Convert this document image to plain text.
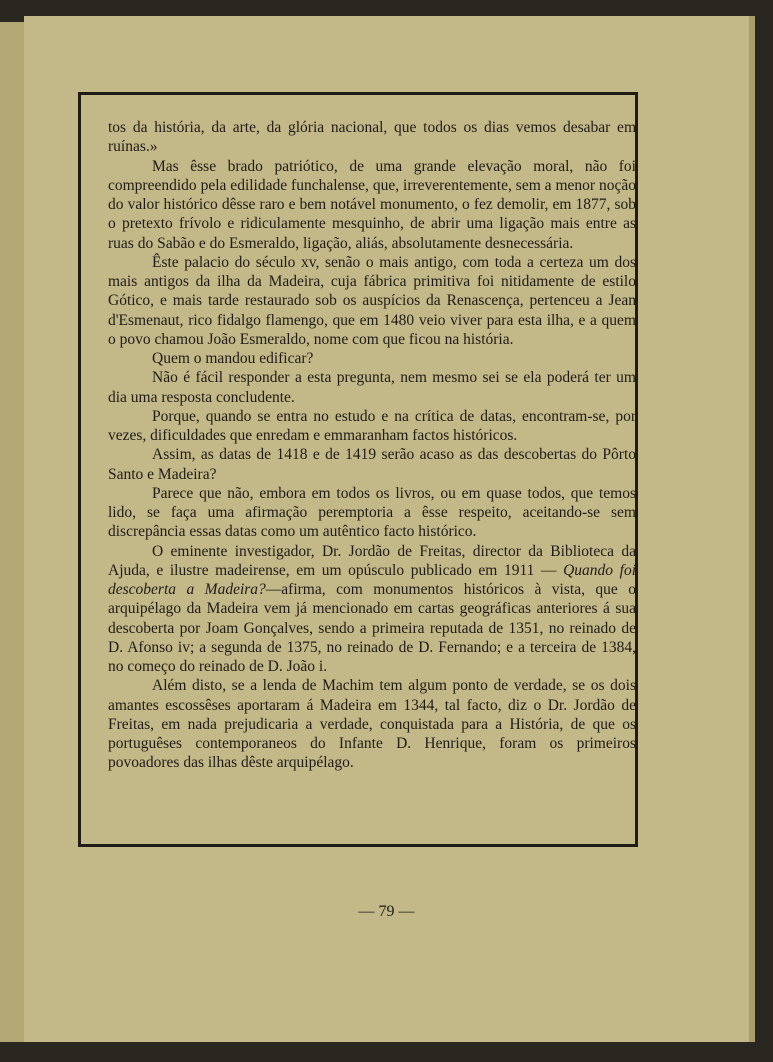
tos da história, da arte, da glória nacional, que todos os dias vemos desabar em ruínas.»

Mas êsse brado patriótico, de uma grande elevação moral, não foi compreendido pela edilidade funchalense, que, irreverentemente, sem a menor noção do valor histórico dêsse raro e bem notável monumento, o fez demolir, em 1877, sob o pretexto frívolo e ridiculamente mesquinho, de abrir uma ligação mais entre as ruas do Sabão e do Esmeraldo, ligação, aliás, absolutamente desnecessária.

Êste palacio do século xv, senão o mais antigo, com toda a certeza um dos mais antigos da ilha da Madeira, cuja fábrica primitiva foi nitidamente de estilo Gótico, e mais tarde restaurado sob os auspícios da Renascença, pertenceu a Jean d'Esmenaut, rico fidalgo flamengo, que em 1480 veio viver para esta ilha, e a quem o povo chamou João Esmeraldo, nome com que ficou na história.

Quem o mandou edificar?

Não é fácil responder a esta pregunta, nem mesmo sei se ela poderá ter um dia uma resposta concludente.

Porque, quando se entra no estudo e na crítica de datas, encontram-se, por vezes, dificuldades que enredam e emmaranham factos históricos.

Assim, as datas de 1418 e de 1419 serão acaso as das descobertas do Pôrto Santo e Madeira?

Parece que não, embora em todos os livros, ou em quase todos, que temos lido, se faça uma afirmação peremptoria a êsse respeito, aceitando-se sem discrepância essas datas como um autêntico facto histórico.

O eminente investigador, Dr. Jordão de Freitas, director da Biblioteca da Ajuda, e ilustre madeirense, em um opúsculo publicado em 1911 — Quando foi descoberta a Madeira?—afirma, com monumentos históricos à vista, que o arquipélago da Madeira vem já mencionado em cartas geográficas anteriores á sua descoberta por Joam Gonçalves, sendo a primeira reputada de 1351, no reinado de D. Afonso iv; a segunda de 1375, no reinado de D. Fernando; e a terceira de 1384, no começo do reinado de D. João i.

Além disto, se a lenda de Machim tem algum ponto de verdade, se os dois amantes escossêses aportaram á Madeira em 1344, tal facto, diz o Dr. Jordão de Freitas, em nada prejudicaria a verdade, conquistada para a História, de que os portuguêses contemporaneos do Infante D. Henrique, foram os primeiros povoadores das ilhas dêste arquipélago.

— 79 —
